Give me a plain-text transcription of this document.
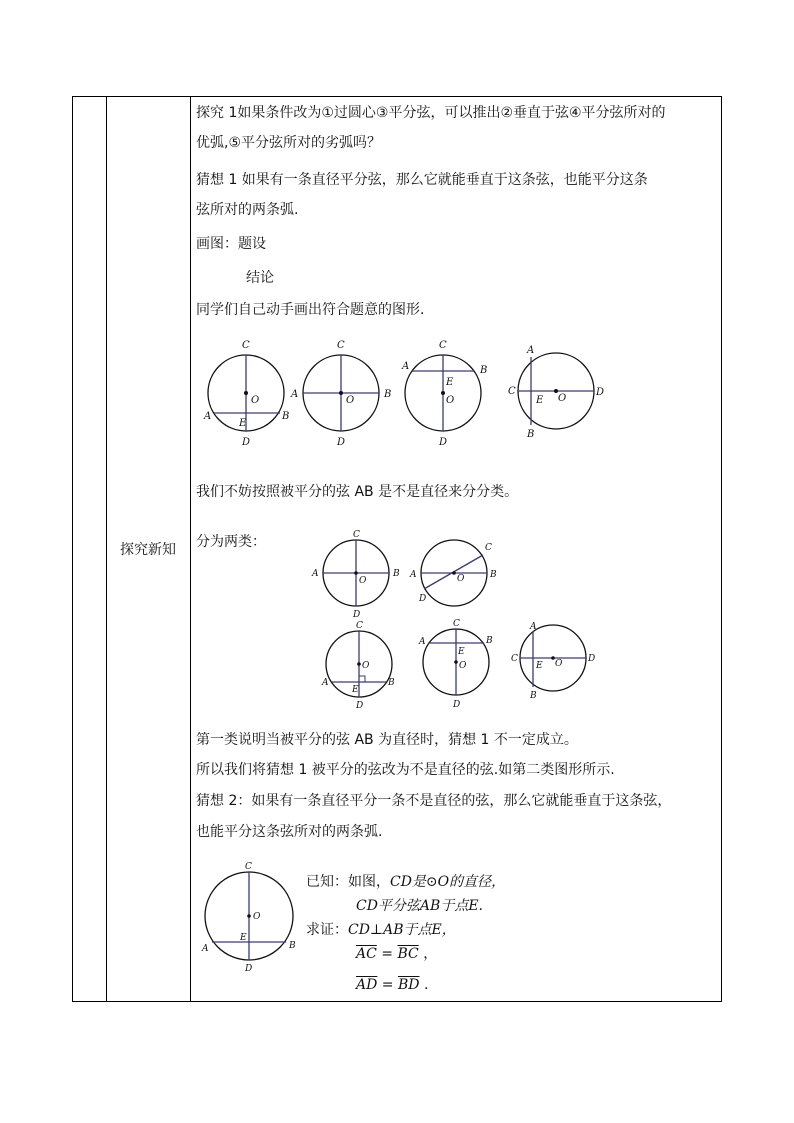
探究新知
探究 1如果条件改为①过圆心③平分弦，可以推出②垂直于弦④平分弦所对的
优弧,⑤平分弦所对的劣弧吗？
猜想 1 如果有一条直径平分弦，那么它就能垂直于这条弦，也能平分这条
弦所对的两条弧.
画图：题设
结论
同学们自己动手画出符合题意的图形.
C
O
A	B
E
D
C
O
A	B
D
C
E
O
A	B
D
A
C
E O
D
B
我们不妨按照被平分的弦 AB 是不是直径来分分类。
分为两类：	C
O
A	B
D
C
O
A	B
D
C
O
A	B
E
D
C
E
O
A	B
D
A
C
E O	D
B
第一类说明当被平分的弦 AB 为直径时，猜想 1 不一定成立。
所以我们将猜想 1 被平分的弦改为不是直径的弦.如第二类图形所示.
猜想 2：如果有一条直径平分一条不是直径的弦，那么它就能垂直于这条弦，
也能平分这条弦所对的两条弧.
C
O
E
A	B
D
已知：如图，CD是⊙O的直径，
CD平分弦AB于点E.
求证：CD⊥AB于点E，
$\overline{AC} = \overline{BC}$ ，
$\overline{AD} = \overline{BD}$ .
